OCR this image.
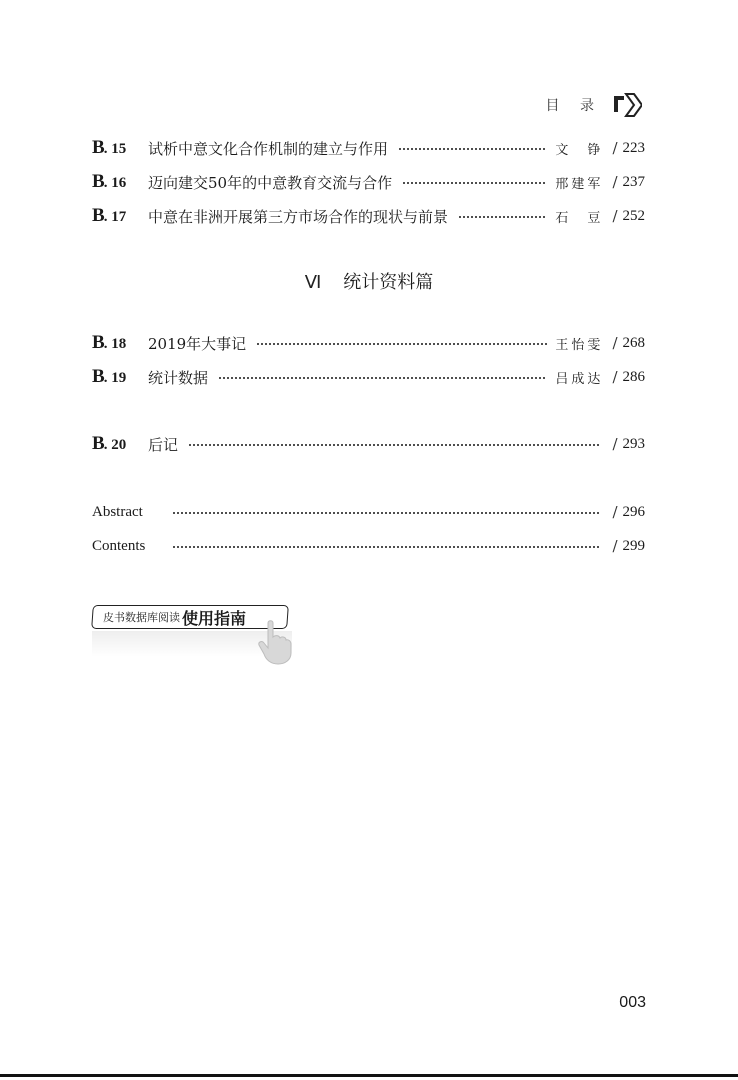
目 录
B. 15	试析中意文化合作机制的建立与作用	文　铮 / 223
B. 16	迈向建交50年的中意教育交流与合作	邢建军 / 237
B. 17	中意在非洲开展第三方市场合作的现状与前景	石　豆 / 252
Ⅵ 统计资料篇
B. 18	2019年大事记	王怡雯 / 268
B. 19	统计数据	吕成达 / 286
B. 20	后记	/ 293
Abstract	/ 296
Contents	/ 299
皮书数据库阅读 使用指南
003
